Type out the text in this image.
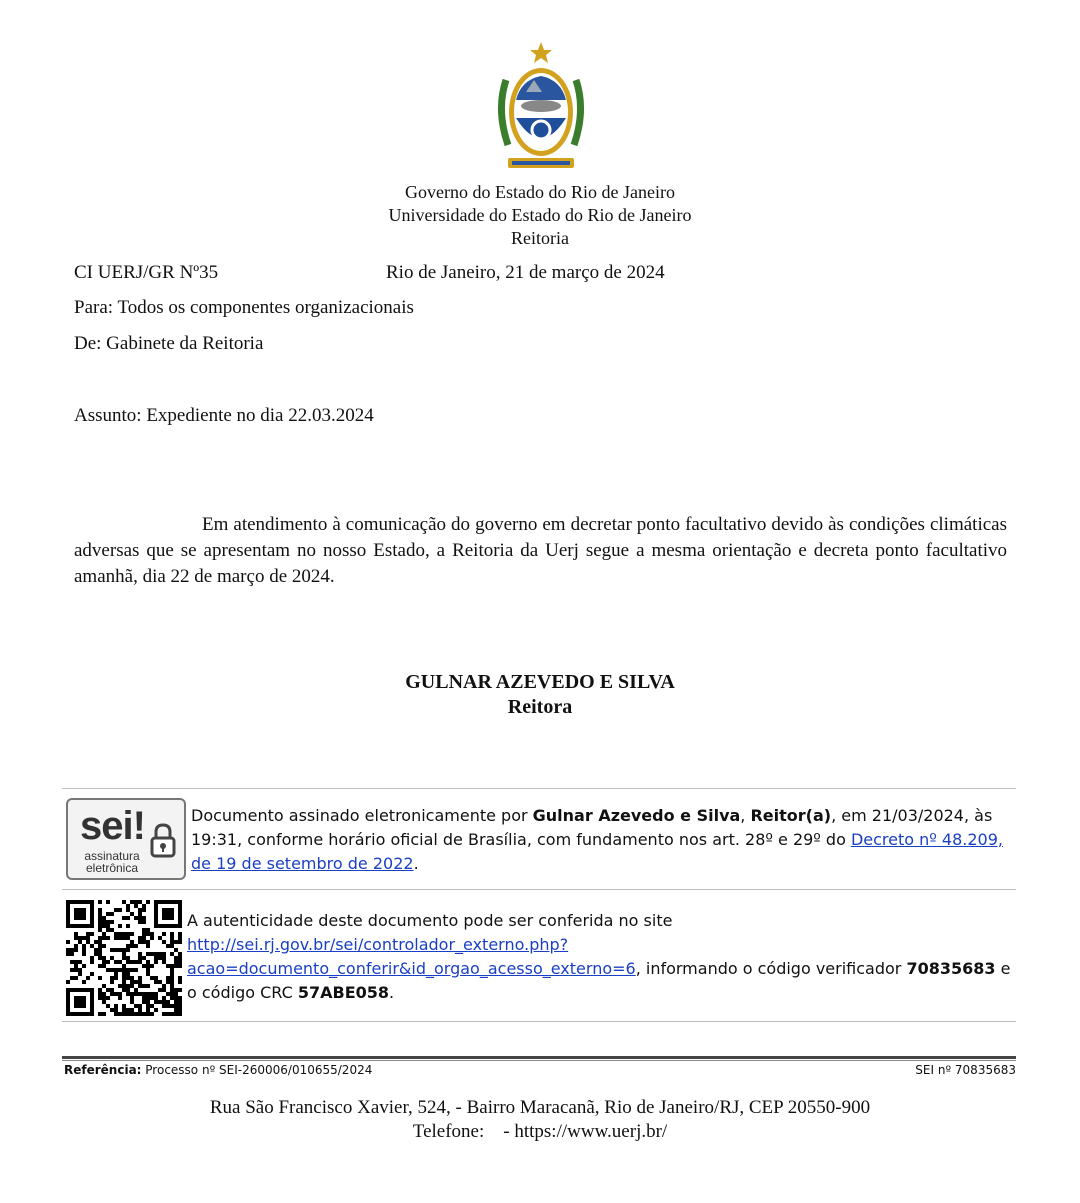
Governo do Estado do Rio de Janeiro
Universidade do Estado do Rio de Janeiro
Reitoria
CI UERJ/GR Nº35	Rio de Janeiro, 21 de março de 2024
Para: Todos os componentes organizacionais
De: Gabinete da Reitoria
Assunto: Expediente no dia 22.03.2024
Em atendimento à comunicação do governo em decretar ponto facultativo devido às condições climáticas adversas que se apresentam no nosso Estado, a Reitoria da Uerj segue a mesma orientação e decreta ponto facultativo amanhã, dia 22 de março de 2024.
GULNAR AZEVEDO E SILVA
Reitora
sei!
assinatura
eletrônica
Documento assinado eletronicamente por Gulnar Azevedo e Silva, Reitor(a), em 21/03/2024, às 19:31, conforme horário oficial de Brasília, com fundamento nos art. 28º e 29º do Decreto nº 48.209, de 19 de setembro de 2022.
A autenticidade deste documento pode ser conferida no site http://sei.rj.gov.br/sei/controlador_externo.php?
acao=documento_conferir&id_orgao_acesso_externo=6, informando o código verificador 70835683 e o código CRC 57ABE058.
Referência: Processo nº SEI-260006/010655/2024	SEI nº 70835683
Rua São Francisco Xavier, 524, - Bairro Maracanã, Rio de Janeiro/RJ, CEP 20550-900
Telefone:    - https://www.uerj.br/
